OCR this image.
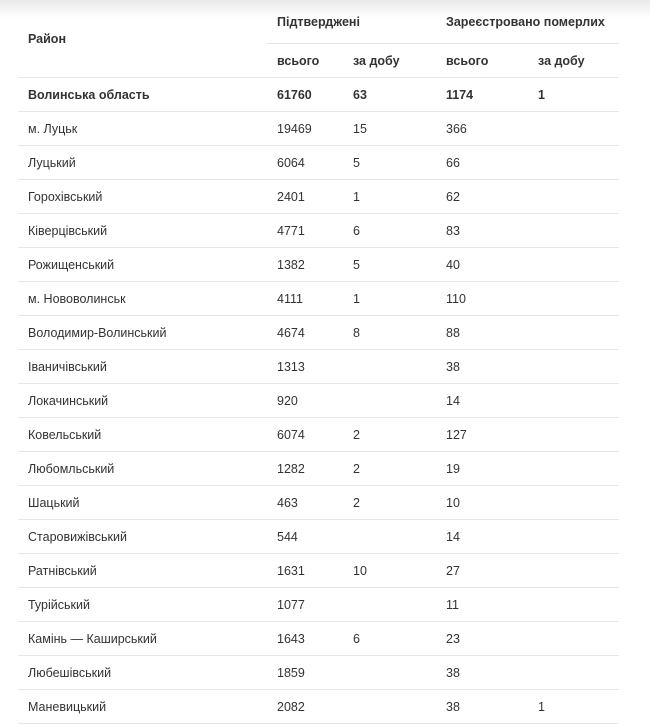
Район	Підтверджені		Зареєстровано померлих	
	всього	за добу	всього	за добу
Волинська область	61760	63	1174	1
м. Луцьк	19469	15	366	
Луцький	6064	5	66	
Горохівський	2401	1	62	
Ківерцівський	4771	6	83	
Рожищенський	1382	5	40	
м. Нововолинськ	4111	1	110	
Володимир-Волинський	4674	8	88	
Іваничівський	1313		38	
Локачинський	920		14	
Ковельський	6074	2	127	
Любомльський	1282	2	19	
Шацький	463	2	10	
Старовижівський	544		14	
Ратнівський	1631	10	27	
Турійський	1077		11	
Камінь — Каширський	1643	6	23	
Любешівський	1859		38	
Маневицький	2082		38	1
